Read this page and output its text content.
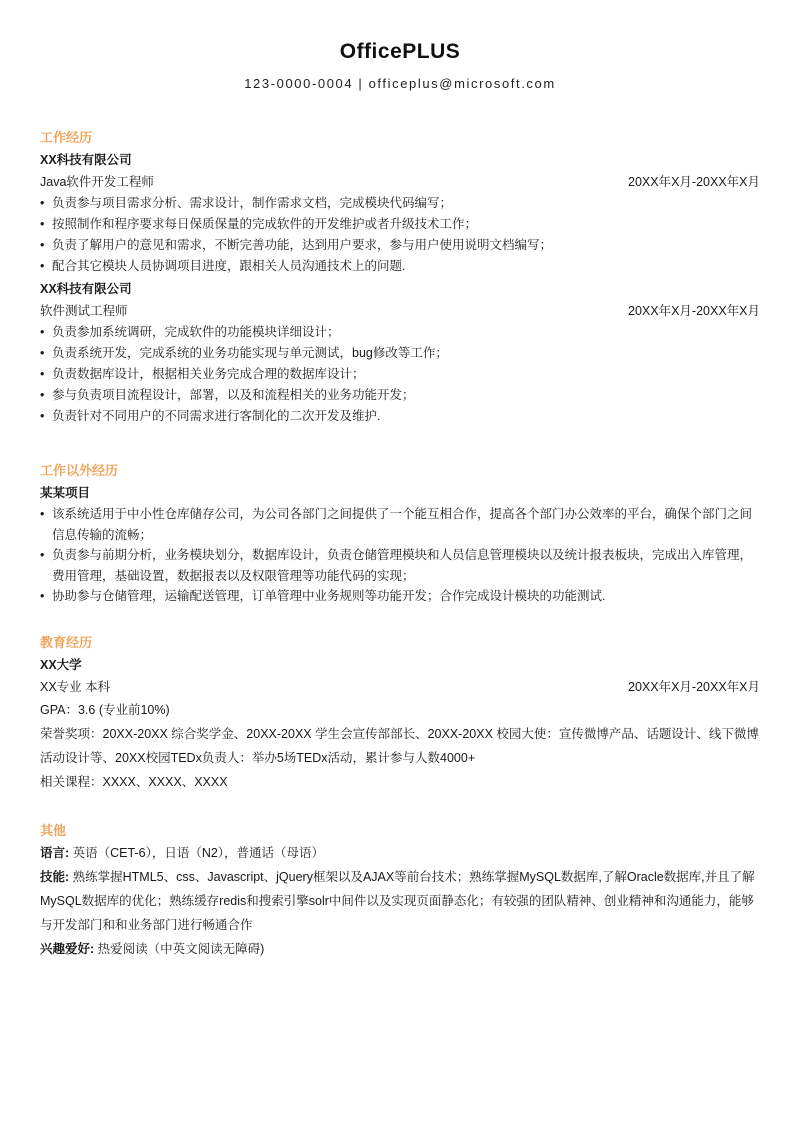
OfficePLUS
123-0000-0004 | officeplus@microsoft.com
工作经历
XX科技有限公司
Java软件开发工程师	20XX年X月-20XX年X月
• 负责参与项目需求分析、需求设计，制作需求文档，完成模块代码编写；
• 按照制作和程序要求每日保质保量的完成软件的开发维护或者升级技术工作；
• 负责了解用户的意见和需求，不断完善功能，达到用户要求，参与用户使用说明文档编写；
• 配合其它模块人员协调项目进度，跟相关人员沟通技术上的问题.
XX科技有限公司
软件测试工程师	20XX年X月-20XX年X月
• 负责参加系统调研，完成软件的功能模块详细设计；
• 负责系统开发，完成系统的业务功能实现与单元测试，bug修改等工作；
• 负责数据库设计，根据相关业务完成合理的数据库设计；
• 参与负责项目流程设计，部署，以及和流程相关的业务功能开发；
• 负责针对不同用户的不同需求进行客制化的二次开发及维护.
工作以外经历
某某项目
• 该系统适用于中小性仓库储存公司，为公司各部门之间提供了一个能互相合作，提高各个部门办公效率的平台，确保个部门之间信息传输的流畅；
• 负责参与前期分析，业务模块划分，数据库设计，负责仓储管理模块和人员信息管理模块以及统计报表板块，完成出入库管理，费用管理，基础设置，数据报表以及权限管理等功能代码的实现；
• 协助参与仓储管理，运输配送管理，订单管理中业务规则等功能开发；合作完成设计模块的功能测试.
教育经历
XX大学
XX专业 本科	20XX年X月-20XX年X月
GPA：3.6 (专业前10%)
荣誉奖项：20XX-20XX 综合奖学金、20XX-20XX 学生会宣传部部长、20XX-20XX 校园大使：宣传微博产品、话题设计、线下微博活动设计等、20XX校园TEDx负责人：举办5场TEDx活动，累计参与人数4000+
相关课程：XXXX、XXXX、XXXX
其他
语言: 英语（CET-6），日语（N2），普通话（母语）
技能: 熟练掌握HTML5、css、Javascript、jQuery框架以及AJAX等前台技术；熟练掌握MySQL数据库,了解Oracle数据库,并且了解MySQL数据库的优化；熟练缓存redis和搜索引擎solr中间件以及实现页面静态化；有较强的团队精神、创业精神和沟通能力，能够与开发部门和和业务部门进行畅通合作
兴趣爱好: 热爱阅读（中英文阅读无障碍)
